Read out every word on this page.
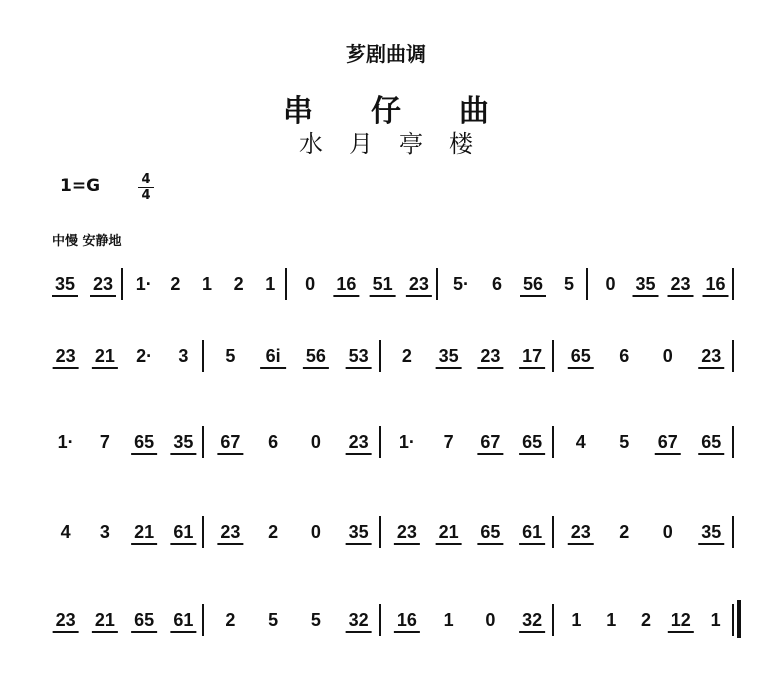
芗剧曲调
串仔曲
水月亭楼
1=G	4
4
中慢 安静地
35 23 1· 2 1 2 1 0 16 51 23 5· 6 56 5 0 35 23 16
23 21 2· 3 5 6i 56 53 2 35 23 17 65 6 0 23
1· 7 65 35 67 6 0 23 1· 7 67 65 4 5 67 65
4 3 21 61 23 2 0 35 23 21 65 61 23 2 0 35
23 21 65 61 2 5 5 32 16 1 0 32 1 1 2 12 1
